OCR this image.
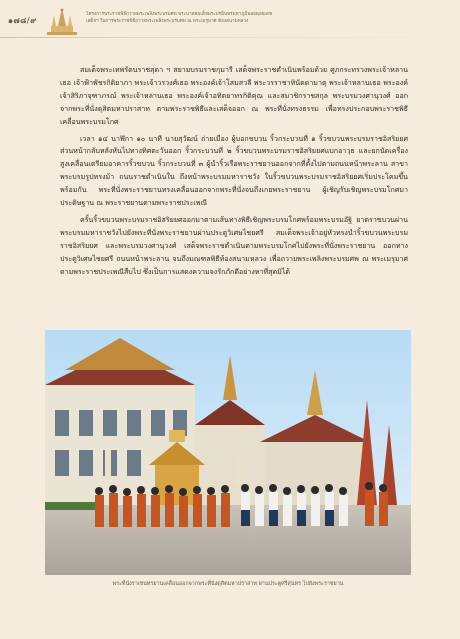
๑๗๘/๙
โครงการพระราชพิธีถวายพระเพลิงพระบรมศพ พระบาทสมเด็จพระปรมินทรมหาภูมิพลอดุลยเดช
เสด็จฯ ในการพระราชพิธีถวายพระเพลิงพระบรมศพ ณ พระเมรุมาศ ท้องสนามหลวง

สมเด็จพระเทพรัตนราชสุดา ฯ สยามบรมราชกุมารี เสด็จพระราชดำเนินพร้อมด้วย ศูภกระทรวงพระเจ้าหลานเธอ เจ้าฟ้าพัชรกิติยาภา พระเจ้าวรวงศ์เธอ พระองค์เจ้าโสมสวลี พระวรราชาทินัดดามาตุ พระเจ้าหลานเธอ พระองค์เจ้าสิริภาจุฑาภรณ์ พระเจ้าหลานเธอ พระองค์เจ้าอทิตยาทรกิติคุณ และสมาชิกราชสกุล พระบรมวงศานุวงศ์ ออกจากพระที่นั่งดุสิตมหาปราสาท ตามพระราชพิธีและเสด็จออก ณ พระที่นั่งทรงธรรม เพื่อทรงประกอบพระราชพิธีเคลื่อนพระบรมโกศ

เวลา ๑๔ นาฬิกา ๑๐ นาที นายสุวัฒน์ ถ่ายเมือง ผู้บอกขบวน ริ้วกระบวนที่ ๑ ริ้วขบวนพระบรมราชอิสริยยศส่วนหน้ากลับหลังหันไปทางทิศตะวันออก ริ้วกระบวนที่ ๒ ริ้วขบวนพระบรมราชอิสริยยศแบกอาวุธ และยกนัดเครื่องสูงเคลื่อนเตรียมอาคารริ้วขบวน ริ้วกระบวนที่ ๓ ผู้นำริ้วเรือพระราชยานออกจากที่ตั้งไปตามถนนหน้าพระลาน สาขาพระบรมรูปทรงม้า ถนนราชดำเนินใน ถึงหน้าพระบรมมหาราชวัง ในริ้วขบวนพระบรมราชอิสริยยศเริ่มประโคมขึ้นพร้อมกัน พระที่นั่งพระราชยานทรงเคลื่อนออกจากพระที่นั่งจนถึงเกยพระราชยาน ผู้เชิญรับเชิญพระบรมโกศมาประดิษฐาน ณ พระราชยานตามพระราชประเพณี

ครั้นริ้วขบวนพระบรมราชอิสริยยศออกมาตามเส้นทางพิธีเชิญพระบรมโกศพร้อมพระบรมอัฐิ ยาตราขบวนผ่านพระบรมมหาราชวังไปยังพระที่นั่งพระราชยานผ่านประตูวิเศษไชยศรี สมเด็จพระเจ้าอยู่หัวทรงนำริ้วขบวนพระบรมราชอิสริยยศ และพระบรมวงศานุวงศ์ เสด็จพระราชดำเนินตามพระบรมโกศไปยังพระที่นั่งพระราชยาน ออกทางประตูวิเศษไชยศรี ถนนหน้าพระลาน จนถึงมณฑลพิธีท้องสนามหลวง เพื่อถวายพระเพลิงพระบรมศพ ณ พระเมรุมาศ ตามพระราชประเพณีสืบไป ซึ่งเป็นการแสดงความจงรักภักดีอย่างหาที่สุดมิได้

พระที่นั่งราเชนทรยานเคลื่อนออกจากพระที่นั่งดุสิตมหาปราสาท ผ่านประตูศรีสุนทร ไปยังพระราชยาน
